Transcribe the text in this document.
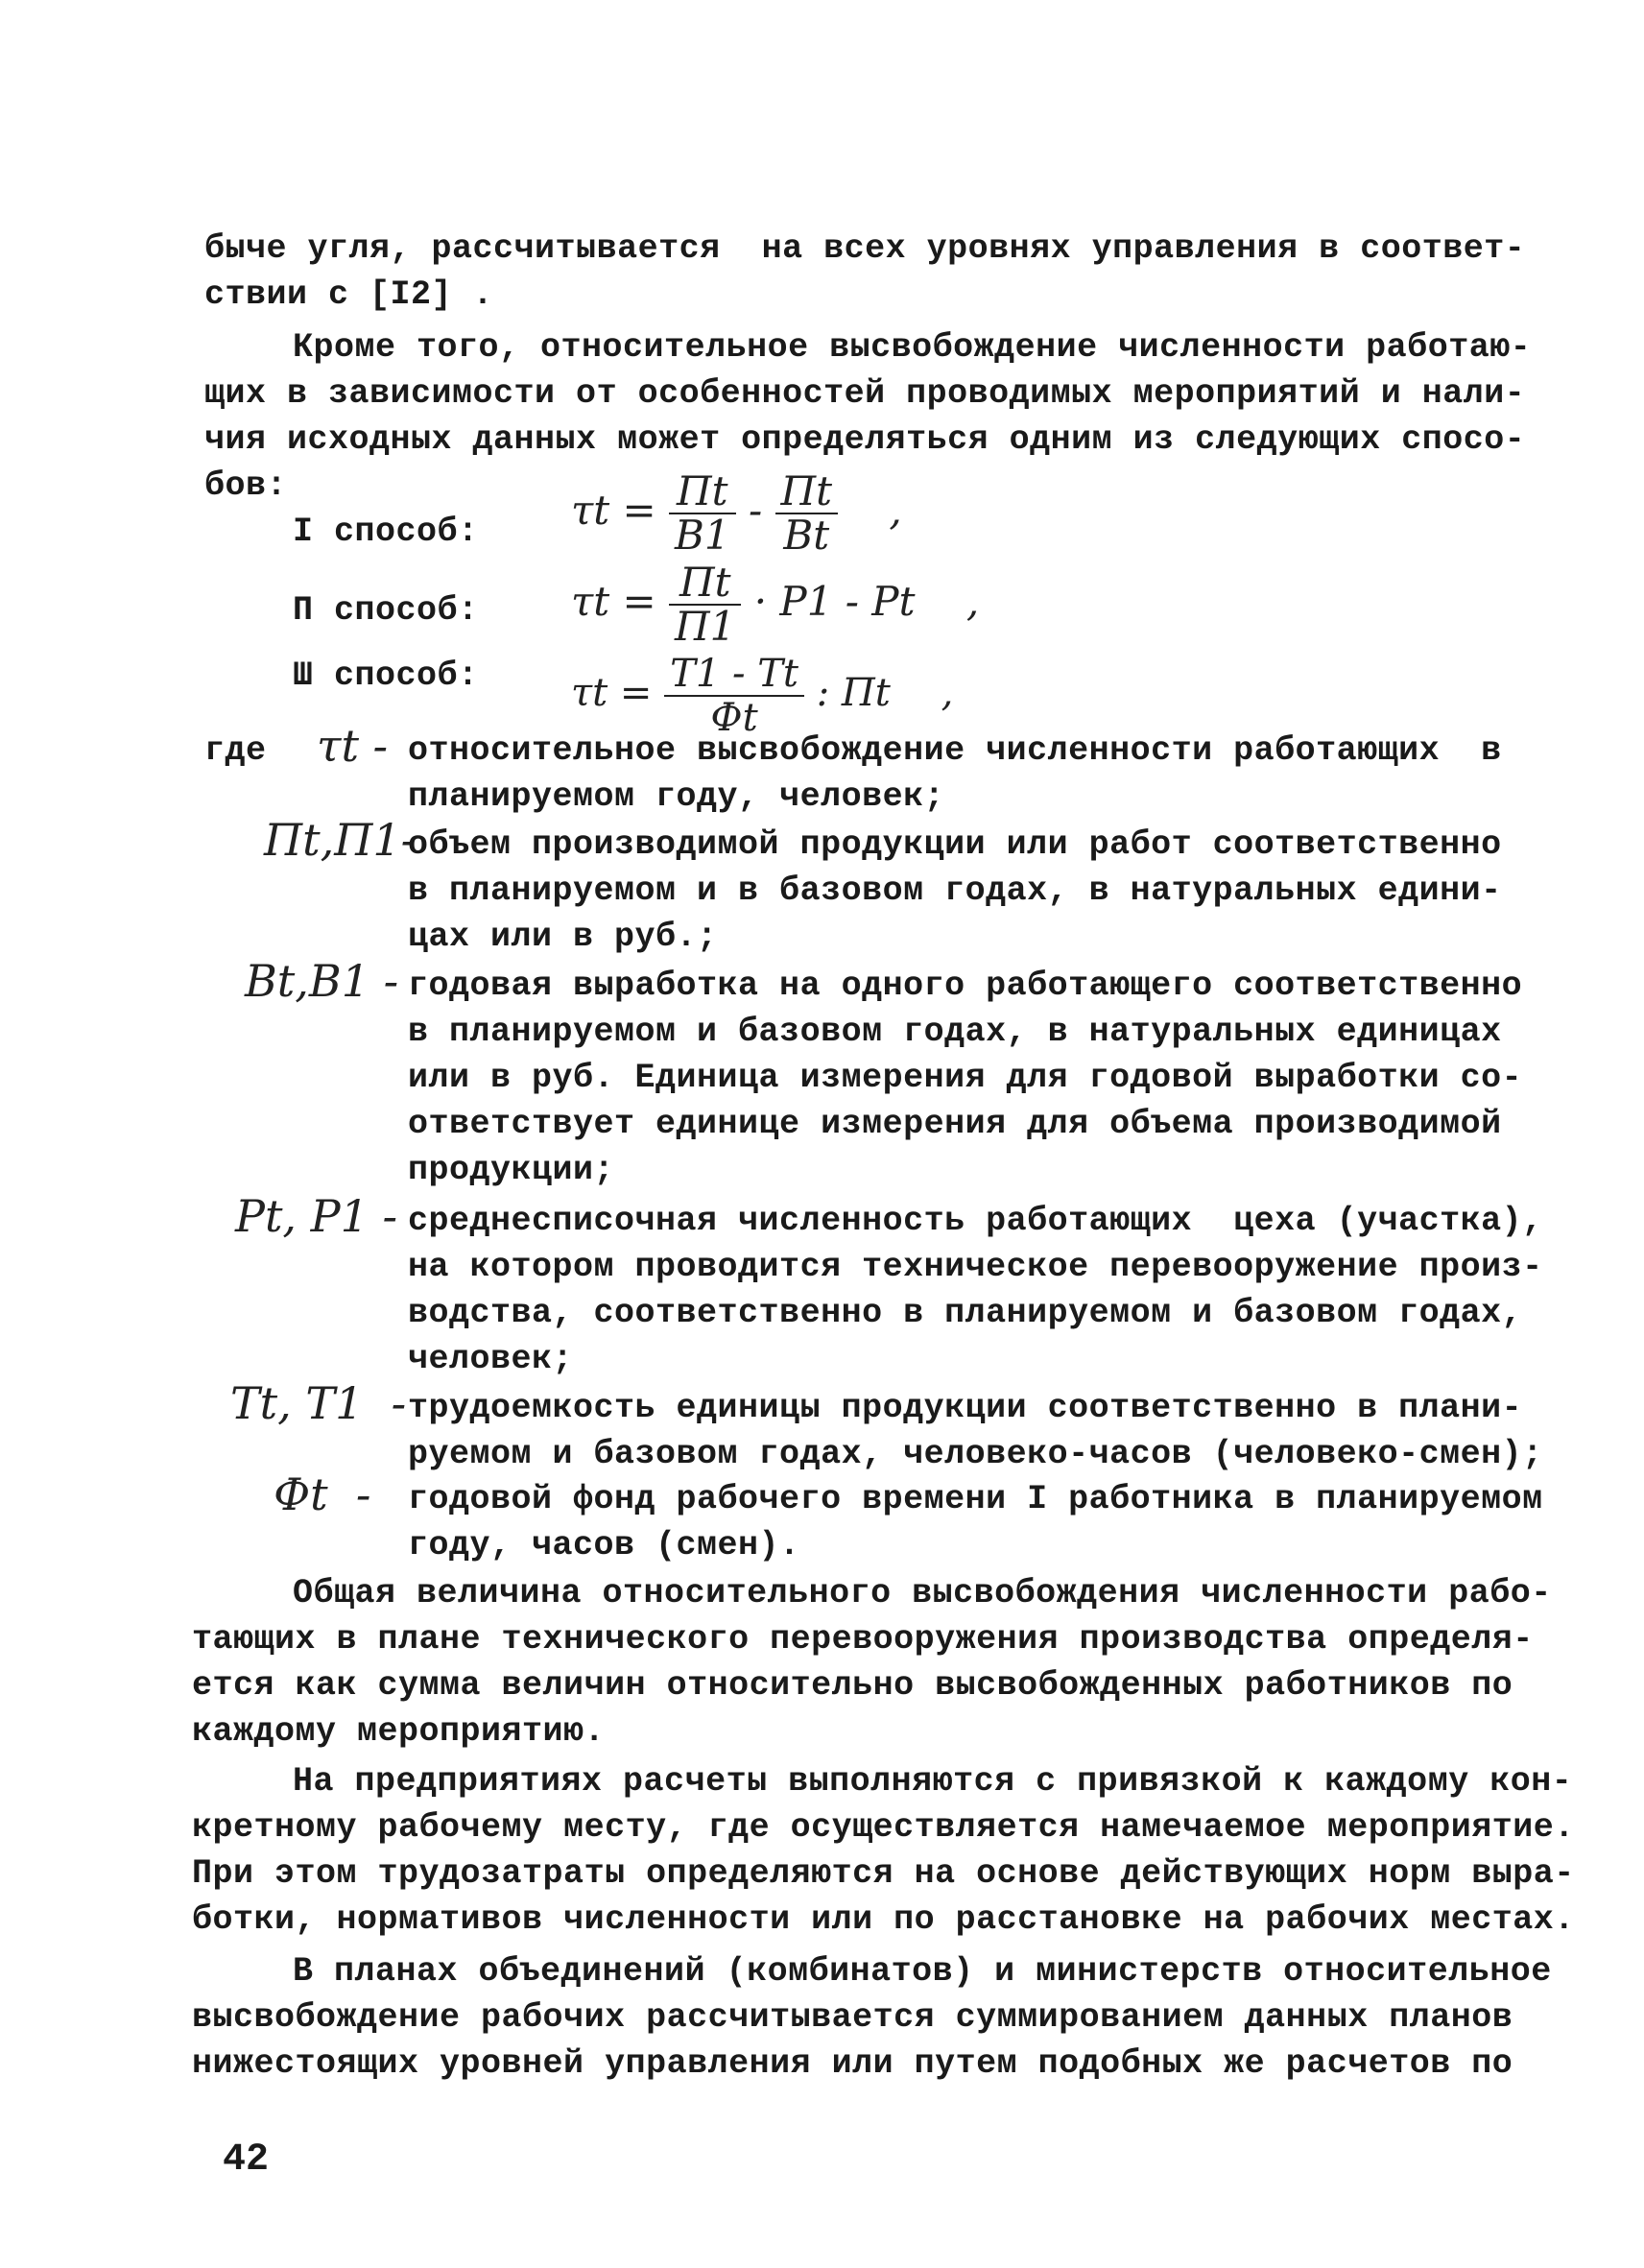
быче угля, рассчитывается  на всех уровнях управления в соответ-
ствии с [I2] .
Кроме того, относительное высвобождение численности работаю-
щих в зависимости от особенностей проводимых мероприятий и нали-
чия исходных данных может определяться одним из следующих спосо-
бов:
I способ:
П способ:
Ш способ:
𝜏t = $\frac{Пt}{B1} - \frac{Пt}{Bt}$ ,
𝜏t = $\frac{Пt}{П1} \cdot P1 - Pt$ ,
𝜏t = $\frac{T1 - Tt}{Фt}$ : Пt ,
где 𝜏t - относительное высвобождение численности работающих  в
планируемом году, человек;
Пt,П1-
объем производимой продукции или работ соответственно
в планируемом и в базовом годах, в натуральных едини-
цах или в руб.;
Bt,B1 - годовая выработка на одного работающего соответственно
в планируемом и базовом годах, в натуральных единицах
или в руб. Единица измерения для годовой выработки со-
ответствует единице измерения для объема производимой
продукции;
Pt, P1 - среднесписочная численность работающих  цеха (участка),
на котором проводится техническое перевооружение произ-
водства, соответственно в планируемом и базовом годах,
человек;
Tt, T1  - трудоемкость единицы продукции соответственно в плани-
руемом и базовом годах, человеко-часов (человеко-смен);
Фt  - годовой фонд рабочего времени I работника в планируемом
году, часов (смен).
Общая величина относительного высвобождения численности рабо-
тающих в плане технического перевооружения производства определя-
ется как сумма величин относительно высвобожденных работников по
каждому мероприятию.
На предприятиях расчеты выполняются с привязкой к каждому кон-
кретному рабочему месту, где осуществляется намечаемое мероприятие.
При этом трудозатраты определяются на основе действующих норм выра-
ботки, нормативов численности или по расстановке на рабочих местах.
В планах объединений (комбинатов) и министерств относительное
высвобождение рабочих рассчитывается суммированием данных планов
нижестоящих уровней управления или путем подобных же расчетов по
42
